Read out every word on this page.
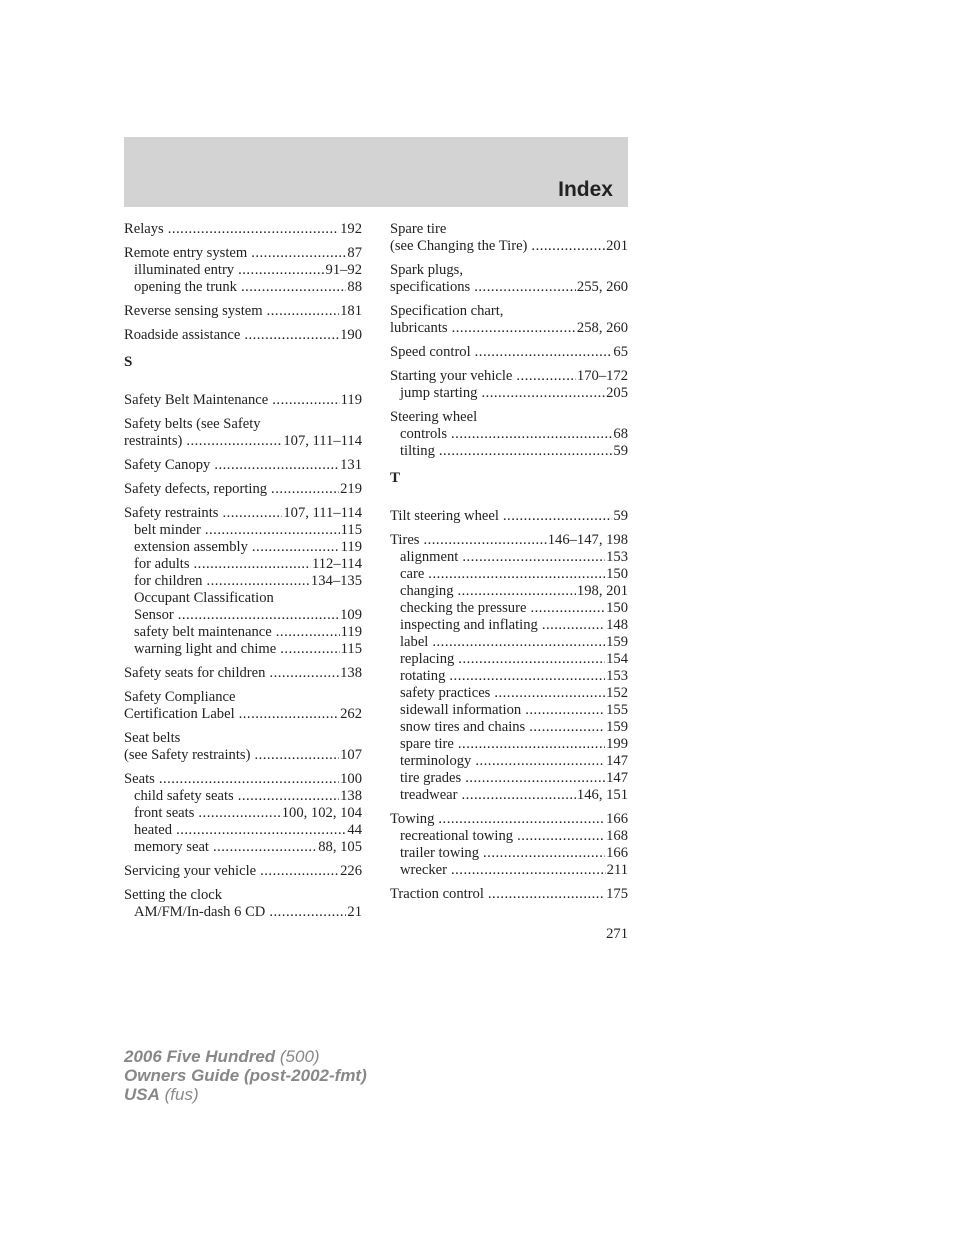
Index
Relays .....	192
Remote entry system .....	87
illuminated entry .....	91–92
opening the trunk .....	88
Reverse sensing system .....	181
Roadside assistance .....	190
S
Safety Belt Maintenance .....	119
Safety belts (see Safety
restraints) .....	107, 111–114
Safety Canopy .....	131
Safety defects, reporting .....	219
Safety restraints .....	107, 111–114
belt minder .....	115
extension assembly .....	119
for adults .....	112–114
for children .....	134–135
Occupant Classification
Sensor .....	109
safety belt maintenance .....	119
warning light and chime .....	115
Safety seats for children .....	138
Safety Compliance
Certification Label .....	262
Seat belts
(see Safety restraints) .....	107
Seats .....	100
child safety seats .....	138
front seats .....	100, 102, 104
heated .....	44
memory seat .....	88, 105
Servicing your vehicle .....	226
Setting the clock
AM/FM/In-dash 6 CD .....	21
Spare tire
(see Changing the Tire) .....	201
Spark plugs,
specifications .....	255, 260
Specification chart,
lubricants .....	258, 260
Speed control .....	65
Starting your vehicle .....	170–172
jump starting .....	205
Steering wheel
controls .....	68
tilting .....	59
T
Tilt steering wheel .....	59
Tires .....	146–147, 198
alignment .....	153
care .....	150
changing .....	198, 201
checking the pressure .....	150
inspecting and inflating .....	148
label .....	159
replacing .....	154
rotating .....	153
safety practices .....	152
sidewall information .....	155
snow tires and chains .....	159
spare tire .....	199
terminology .....	147
tire grades .....	147
treadwear .....	146, 151
Towing .....	166
recreational towing .....	168
trailer towing .....	166
wrecker .....	211
Traction control .....	175
271
2006 Five Hundred (500)
Owners Guide (post-2002-fmt)
USA (fus)
